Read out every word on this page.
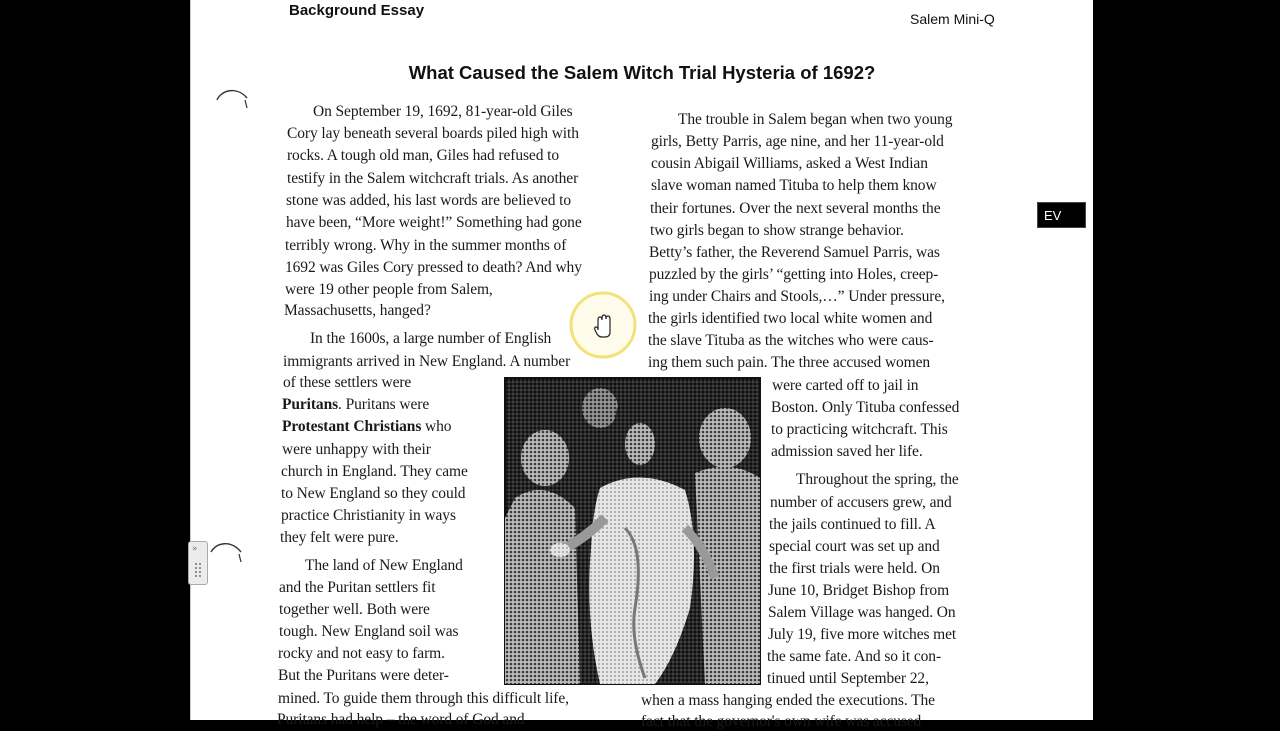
Background Essay	Salem Mini-Q
What Caused the Salem Witch Trial Hysteria of 1692?
On September 19, 1692, 81-year-old Giles
Cory lay beneath several boards piled high with
rocks. A tough old man, Giles had refused to
testify in the Salem witchcraft trials. As another
stone was added, his last words are believed to
have been, “More weight!” Something had gone
terribly wrong. Why in the summer months of
1692 was Giles Cory pressed to death? And why
were 19 other people from Salem,
Massachusetts, hanged?
In the 1600s, a large number of English
immigrants arrived in New England. A number
of these settlers were
Puritans. Puritans were
Protestant Christians who
were unhappy with their
church in England. They came
to New England so they could
practice Christianity in ways
they felt were pure.
The land of New England
and the Puritan settlers fit
together well. Both were
tough. New England soil was
rocky and not easy to farm.
But the Puritans were deter-
mined. To guide them through this difficult life,
Puritans had help – the word of God and
The trouble in Salem began when two young
girls, Betty Parris, age nine, and her 11-year-old
cousin Abigail Williams, asked a West Indian
slave woman named Tituba to help them know
their fortunes. Over the next several months the
two girls began to show strange behavior.
Betty’s father, the Reverend Samuel Parris, was
puzzled by the girls’ “getting into Holes, creep-
ing under Chairs and Stools,…” Under pressure,
the girls identified two local white women and
the slave Tituba as the witches who were caus-
ing them such pain. The three accused women
were carted off to jail in
Boston. Only Tituba confessed
to practicing witchcraft. This
admission saved her life.
Throughout the spring, the
number of accusers grew, and
the jails continued to fill. A
special court was set up and
the first trials were held. On
June 10, Bridget Bishop from
Salem Village was hanged. On
July 19, five more witches met
the same fate. And so it con-
tinued until September 22,
when a mass hanging ended the executions. The
fact that the governor's own wife was accused
»
EV
